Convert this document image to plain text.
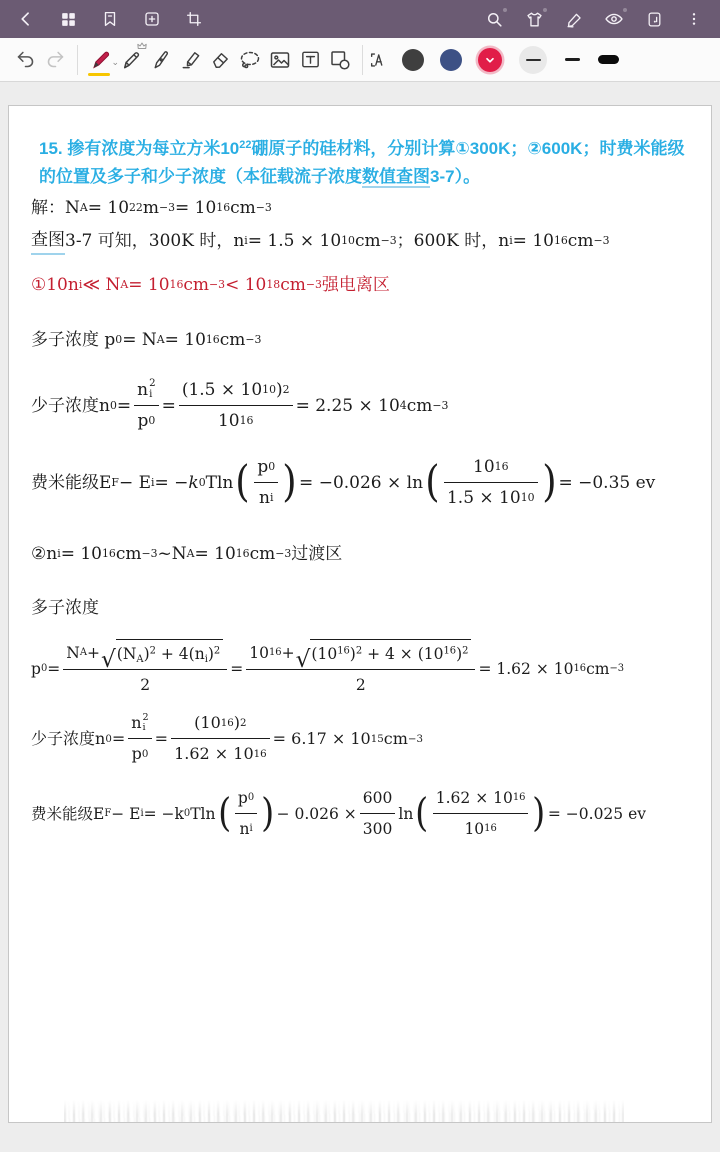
⌄
15. 掺有浓度为每立方米$10^{22}$硼原子的硅材料，分别计算①300K；②600K；时费米能级的位置及多子和少子浓度（本征载流子浓度数值查图3-7）。
解：N A = 10 22 m −3 = 10 16 cm −3
查图 3-7 可知，300K 时，n i = 1.5 × 10 10 cm −3 ；600K 时，n i = 10 16 cm −3
①10n i ≪ N A = 10 16 cm −3 < 10 18 cm −3 强电离区
多子浓度 p 0 = N A = 10 16 cm −3
少子浓度n 0 = n 2
i
p $0 = \frac{(1.5 \times 10 10 ) 2}{10 16} = 2.25 \times 10$ 4 cm −3
费米能级E F − E i = − k 0 Tln ( $\frac{p 0}{\text{n i}}$ ) = −0.026 × ln ( $\frac{10 16}{1.5 \times 10 10}$ ) = −0.35 ev
②n i = 10 16 cm −3 ~N A = 10 16 cm −3 过渡区
多子浓度
p $0 = \frac{N A + √ (N_A)^2 + 4(n_i)^2}{2} = \frac{10 16 + √ (10^{16})^2 + 4 \times (10^{16})^2}{2} = 1.62 \times 10$ 16 cm −3
少子浓度n 0 = n 2
i
p $0 = \frac{(10 16 ) 2}{1.62 \times 10 16} = 6.17 \times 10$ 15 cm −3
费米能级E F − E i = −k 0 Tln ( $\frac{p 0}{\text{n i}}$ ) − $0.026 \times \frac{600}{300}$ ln ( $\frac{1.62 \times 10 16}{10 16}$ ) = −0.025 ev
